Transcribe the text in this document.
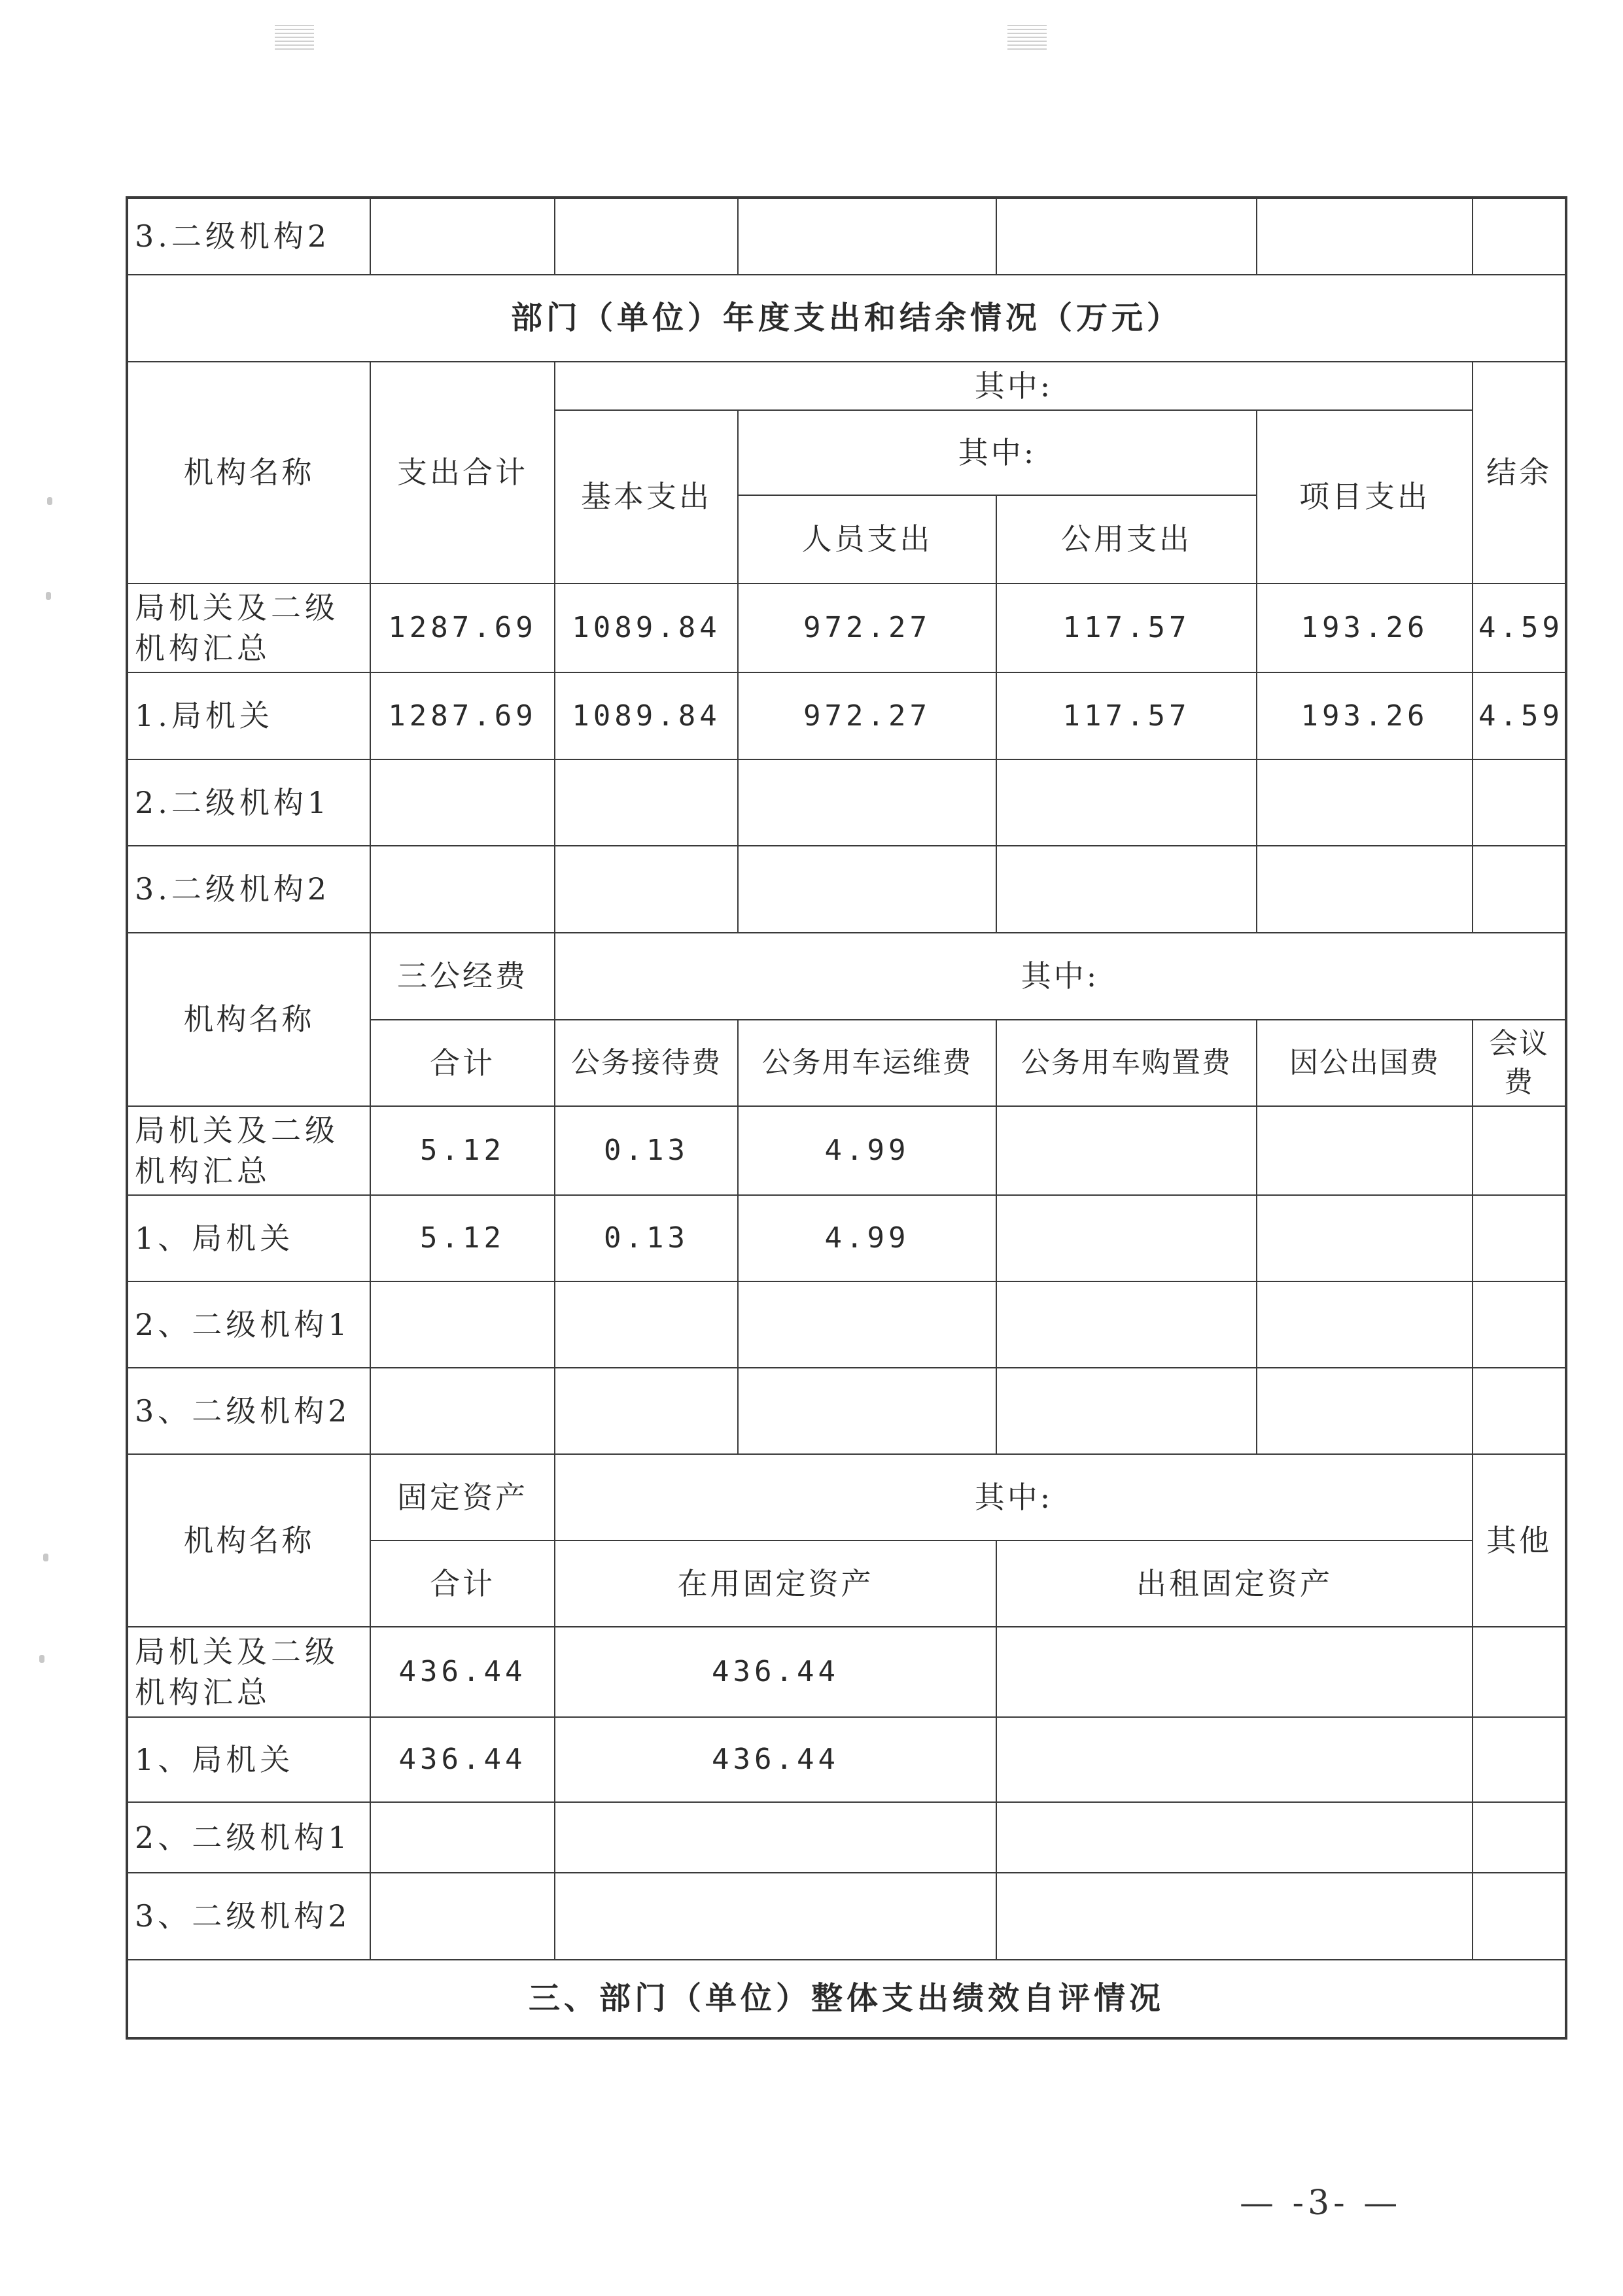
3.二级机构2						
部门（单位）年度支出和结余情况（万元）						
机构名称	支出合计	其中:				结余
		基本支出	其中:		项目支出	
			人员支出	公用支出		
局机关及二级机构汇总	1287.69	1089.84	972.27	117.57	193.26	4.59
1.局机关	1287.69	1089.84	972.27	117.57	193.26	4.59
2.二级机构1						
3.二级机构2						
机构名称	三公经费	其中:				
	合计	公务接待费	公务用车运维费	公务用车购置费	因公出国费	会议费
局机关及二级机构汇总	5.12	0.13	4.99			
1、局机关	5.12	0.13	4.99			
2、二级机构1						
3、二级机构2						
机构名称	固定资产	其中:				其他
	合计	在用固定资产		出租固定资产		
局机关及二级机构汇总	436.44	436.44				
1、局机关	436.44	436.44				
2、二级机构1						
3、二级机构2						
三、部门（单位）整体支出绩效自评情况						
— -3- —
